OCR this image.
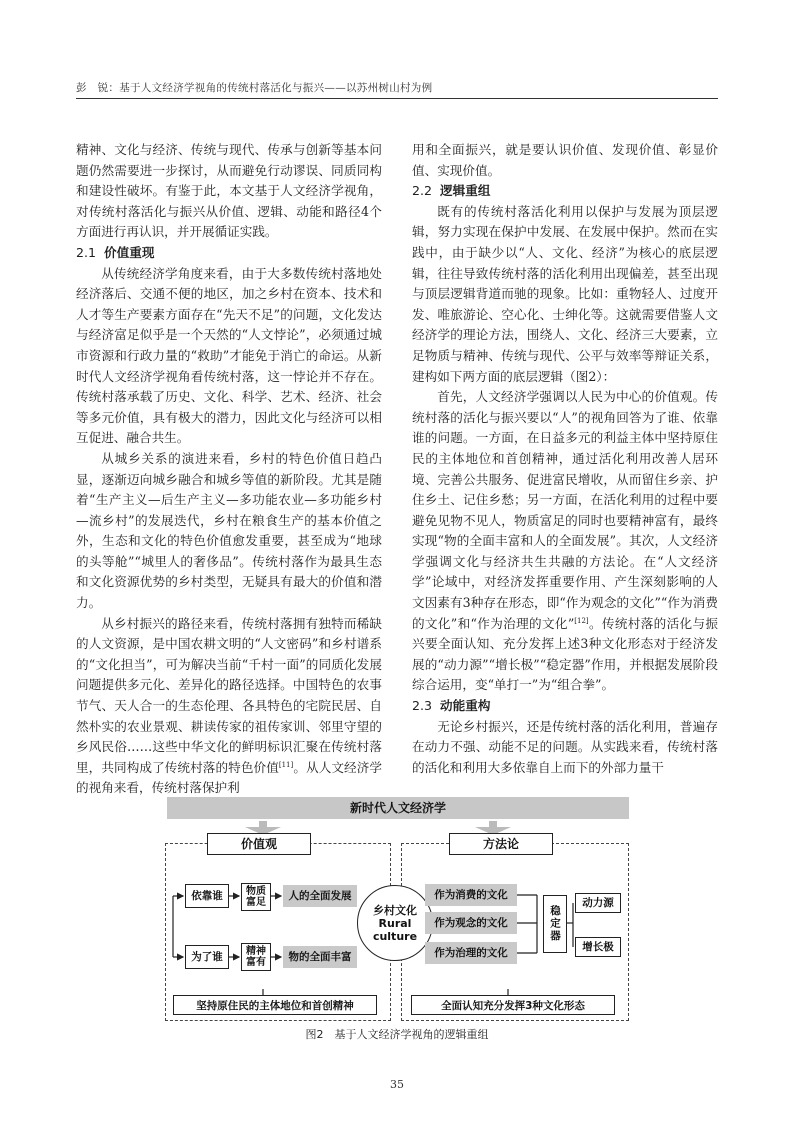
彭　锐：基于人文经济学视角的传统村落活化与振兴——以苏州树山村为例

精神、文化与经济、传统与现代、传承与创新等基本问题仍然需要进一步探讨，从而避免行动谬误、同质同构和建设性破坏。有鉴于此，本文基于人文经济学视角，对传统村落活化与振兴从价值、逻辑、动能和路径4个方面进行再认识，并开展循证实践。

2.1 价值重现

从传统经济学角度来看，由于大多数传统村落地处经济落后、交通不便的地区，加之乡村在资本、技术和人才等生产要素方面存在“先天不足”的问题，文化发达与经济富足似乎是一个天然的“人文悖论”，必须通过城市资源和行政力量的“救助”才能免于消亡的命运。从新时代人文经济学视角看传统村落，这一悖论并不存在。传统村落承载了历史、文化、科学、艺术、经济、社会等多元价值，具有极大的潜力，因此文化与经济可以相互促进、融合共生。

从城乡关系的演进来看，乡村的特色价值日趋凸显，逐渐迈向城乡融合和城乡等值的新阶段。尤其是随着“生产主义—后生产主义—多功能农业—多功能乡村—流乡村”的发展迭代，乡村在粮食生产的基本价值之外，生态和文化的特色价值愈发重要，甚至成为“地球的头等舱”“城里人的奢侈品”。传统村落作为最具生态和文化资源优势的乡村类型，无疑具有最大的价值和潜力。

从乡村振兴的路径来看，传统村落拥有独特而稀缺的人文资源，是中国农耕文明的“人文密码”和乡村谱系的“文化担当”，可为解决当前“千村一面”的同质化发展问题提供多元化、差异化的路径选择。中国特色的农事节气、天人合一的生态伦理、各具特色的宅院民居、自然朴实的农业景观、耕读传家的祖传家训、邻里守望的乡风民俗……这些中华文化的鲜明标识汇聚在传统村落里，共同构成了传统村落的特色价值[11]。从人文经济学的视角来看，传统村落保护利

用和全面振兴，就是要认识价值、发现价值、彰显价值、实现价值。

2.2 逻辑重组

既有的传统村落活化利用以保护与发展为顶层逻辑，努力实现在保护中发展、在发展中保护。然而在实践中，由于缺少以“人、文化、经济”为核心的底层逻辑，往往导致传统村落的活化利用出现偏差，甚至出现与顶层逻辑背道而驰的现象。比如：重物轻人、过度开发、唯旅游论、空心化、士绅化等。这就需要借鉴人文经济学的理论方法，围绕人、文化、经济三大要素，立足物质与精神、传统与现代、公平与效率等辩证关系，建构如下两方面的底层逻辑（图2）：

首先，人文经济学强调以人民为中心的价值观。传统村落的活化与振兴要以“人”的视角回答为了谁、依靠谁的问题。一方面，在日益多元的利益主体中坚持原住民的主体地位和首创精神，通过活化利用改善人居环境、完善公共服务、促进富民增收，从而留住乡亲、护住乡土、记住乡愁；另一方面，在活化利用的过程中要避免见物不见人，物质富足的同时也要精神富有，最终实现“物的全面丰富和人的全面发展”。其次，人文经济学强调文化与经济共生共融的方法论。在“人文经济学”论域中，对经济发挥重要作用、产生深刻影响的人文因素有3种存在形态，即“作为观念的文化”“作为消费的文化”和“作为治理的文化”[12]。传统村落的活化与振兴要全面认知、充分发挥上述3种文化形态对于经济发展的“动力源”“增长极”“稳定器”作用，并根据发展阶段综合运用，变“单打一”为“组合拳”。

2.3 动能重构

无论乡村振兴，还是传统村落的活化利用，普遍存在动力不强、动能不足的问题。从实践来看，传统村落的活化和利用大多依靠自上而下的外部力量干

新时代人文经济学
价值观	方法论
依靠谁
为了谁
物质富足
精神富有
人的全面发展
物的全面丰富
乡村文化
Rural
culture
作为消费的文化
作为观念的文化
作为治理的文化
稳定器
动力源
增长极
坚持原住民的主体地位和首创精神	全面认知充分发挥3种文化形态
图2　基于人文经济学视角的逻辑重组
35
